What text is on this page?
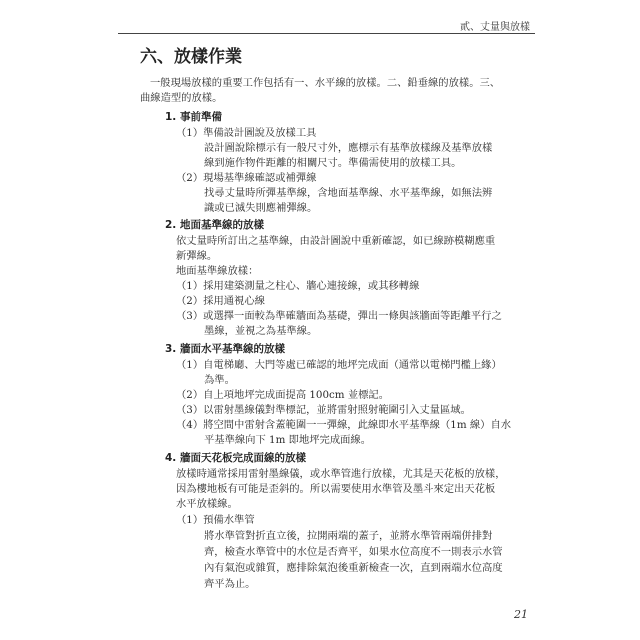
貳、丈量與放樣
六、放樣作業
一般現場放樣的重要工作包括有一、水平線的放樣。二、鉛垂線的放樣。三、
曲線造型的放樣。
1. 事前準備
（1）準備設計圖說及放樣工具
設計圖說除標示有一般尺寸外，應標示有基準放樣線及基準放樣
線到施作物件距離的相關尺寸。準備需使用的放樣工具。
（2）現場基準線確認或補彈線
找尋丈量時所彈基準線，含地面基準線、水平基準線，如無法辨
識或已滅失則應補彈線。
2. 地面基準線的放樣
依丈量時所訂出之基準線，由設計圖說中重新確認，如已線跡模糊應重
新彈線。
地面基準線放樣：
（1）採用建築測量之柱心、牆心連接線，或其移轉線
（2）採用通視心線
（3）或選擇一面較為準確牆面為基礎，彈出一條與該牆面等距離平行之
墨線，並視之為基準線。
3. 牆面水平基準線的放樣
（1）自電梯廳、大門等處已確認的地坪完成面（通常以電梯門檻上緣）
為準。
（2）自上項地坪完成面提高 100cm 並標記。
（3）以雷射墨線儀對準標記，並將雷射照射範圍引入丈量區域。
（4）將空間中雷射含蓋範圍一一彈線，此線即水平基準線（1m 線）自水
平基準線向下 1m 即地坪完成面線。
4. 牆面天花板完成面線的放樣
放樣時通常採用雷射墨線儀，或水準管進行放樣，尤其是天花板的放樣，
因為樓地板有可能是歪斜的。所以需要使用水準管及墨斗來定出天花板
水平放樣線。
（1）預備水準管
將水準管對折直立後，拉開兩端的蓋子，並將水準管兩端併排對
齊，檢查水準管中的水位是否齊平，如果水位高度不一則表示水管
內有氣泡或雜質，應排除氣泡後重新檢查一次，直到兩端水位高度
齊平為止。
21
